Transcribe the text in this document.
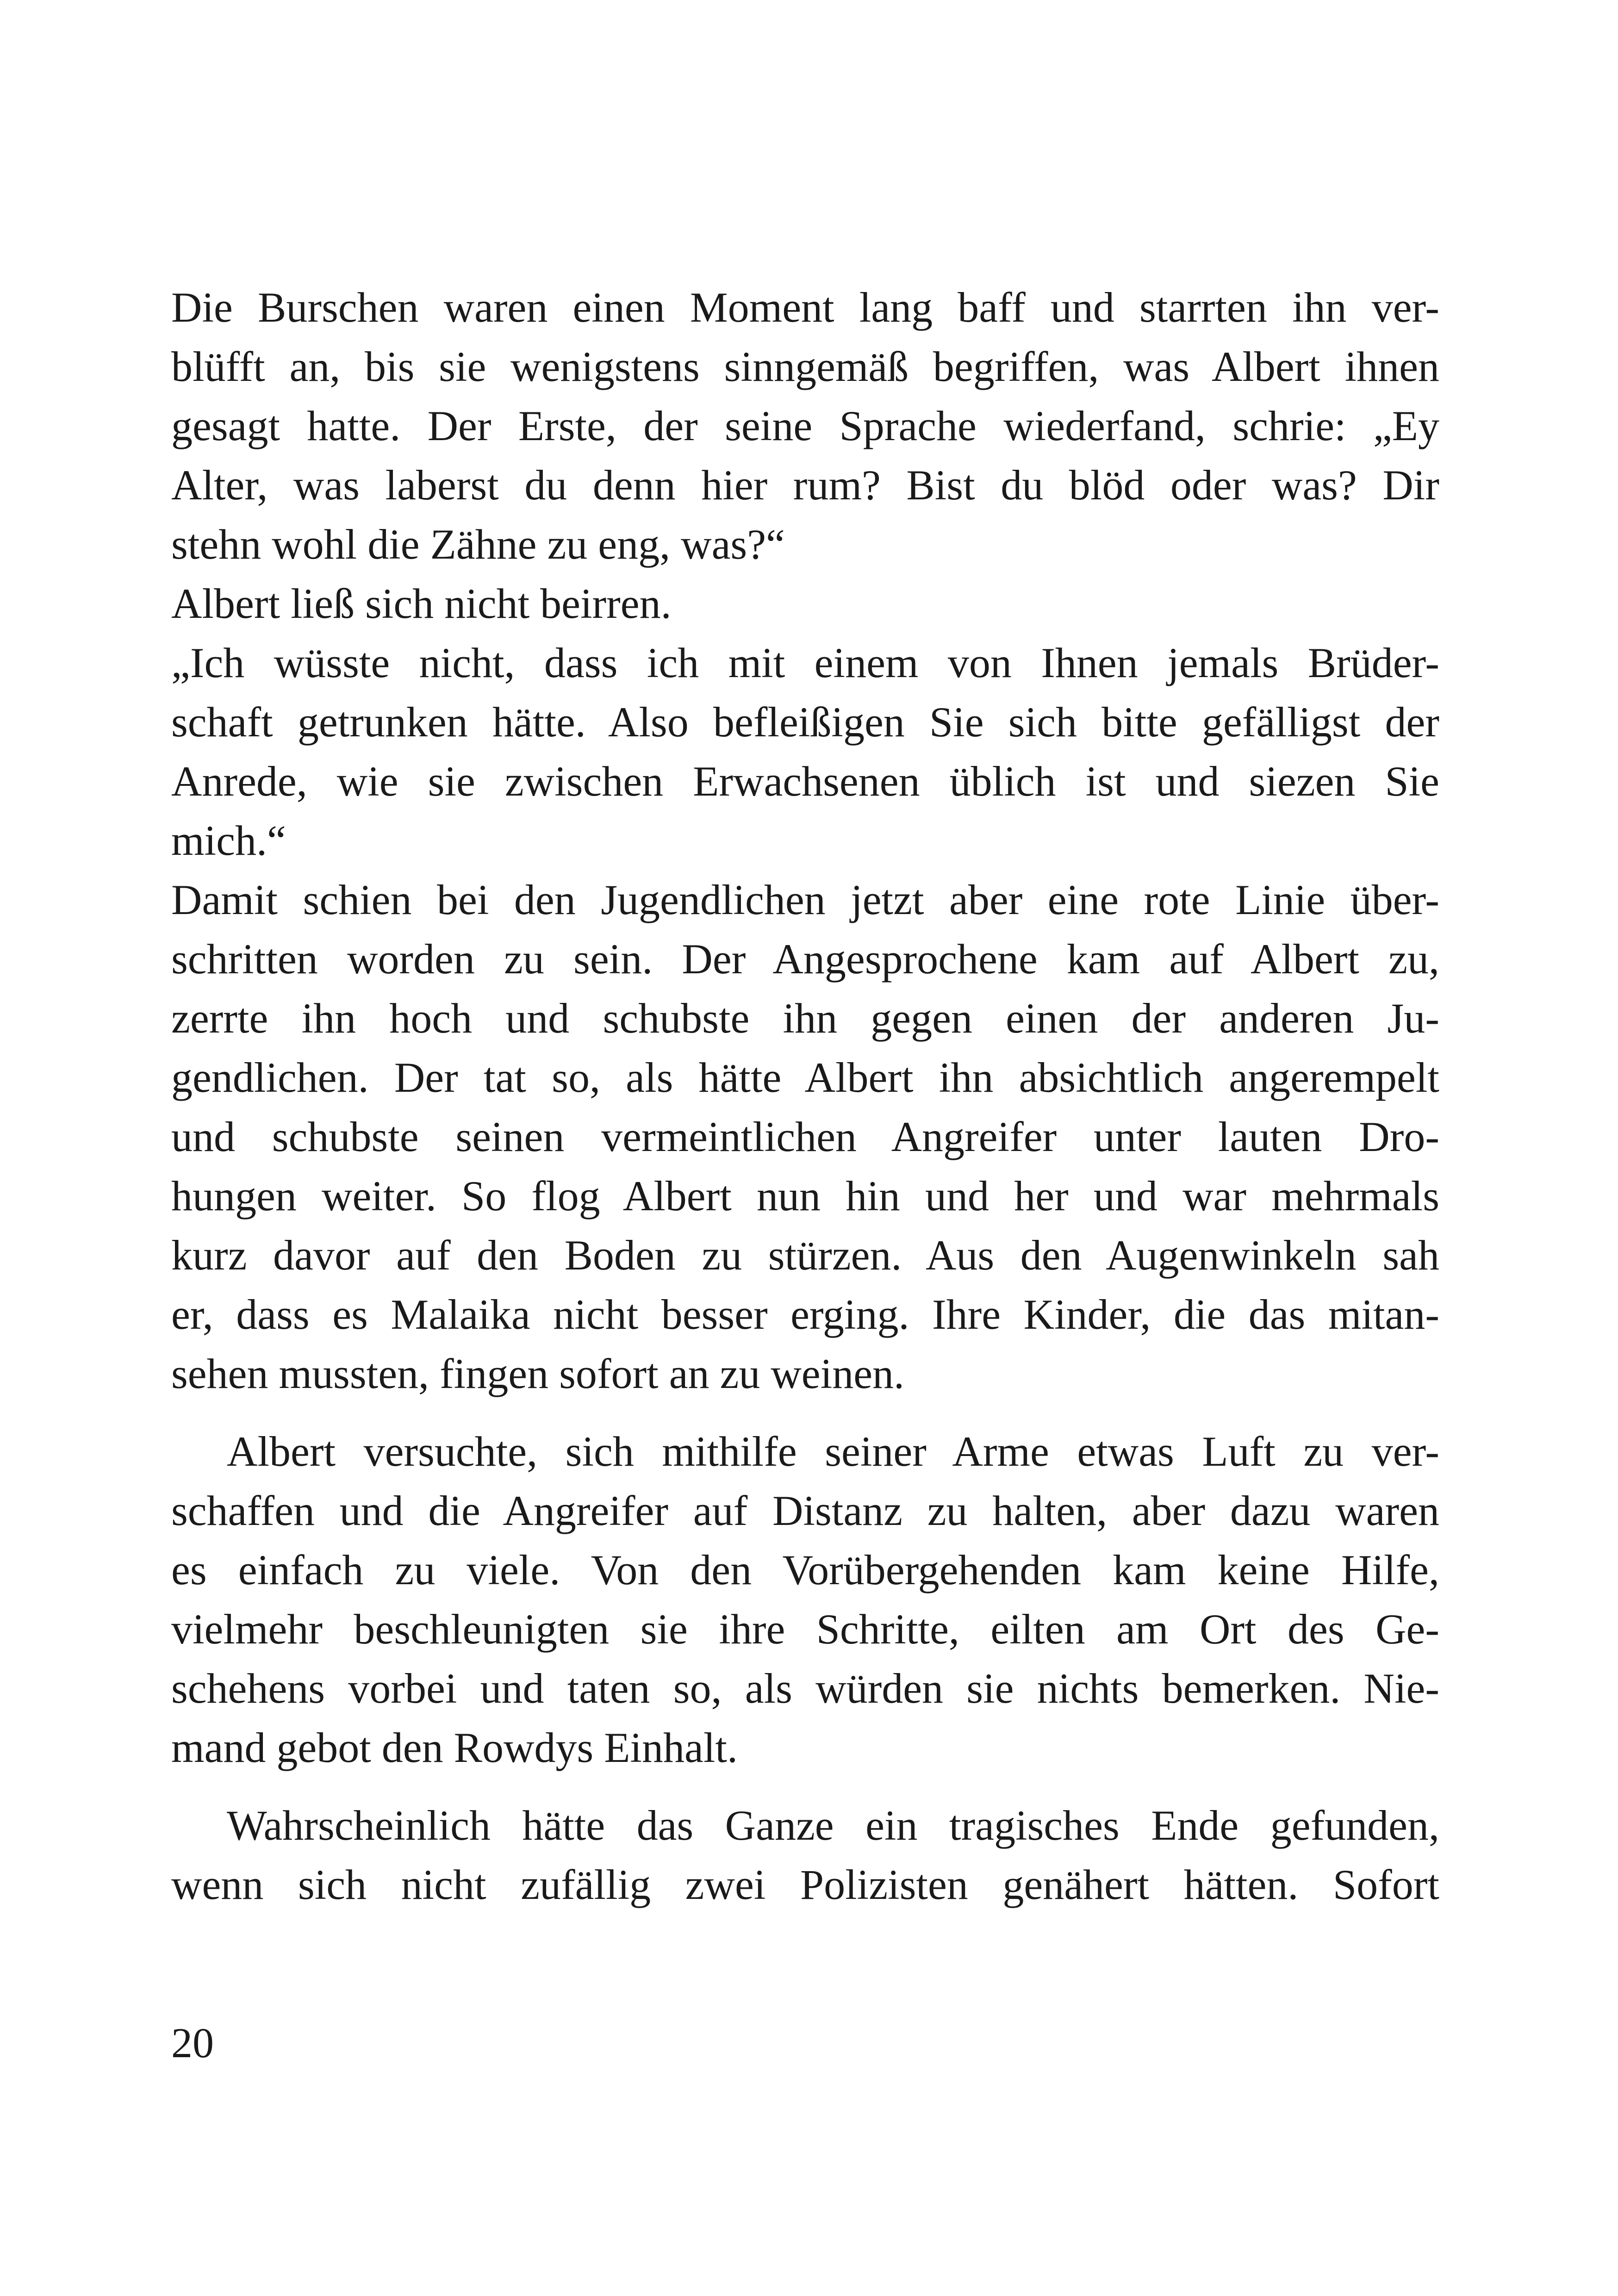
Die Burschen waren einen Moment lang baff und starrten ihn ver-
blüfft an, bis sie wenigstens sinngemäß begriffen, was Albert ihnen
gesagt hatte. Der Erste, der seine Sprache wiederfand, schrie: „Ey
Alter, was laberst du denn hier rum? Bist du blöd oder was? Dir
stehn wohl die Zähne zu eng, was?“
Albert ließ sich nicht beirren.
„Ich wüsste nicht, dass ich mit einem von Ihnen jemals Brüder-
schaft getrunken hätte. Also befleißigen Sie sich bitte gefälligst der
Anrede, wie sie zwischen Erwachsenen üblich ist und siezen Sie
mich.“
Damit schien bei den Jugendlichen jetzt aber eine rote Linie über-
schritten worden zu sein. Der Angesprochene kam auf Albert zu,
zerrte ihn hoch und schubste ihn gegen einen der anderen Ju-
gendlichen. Der tat so, als hätte Albert ihn absichtlich angerempelt
und schubste seinen vermeintlichen Angreifer unter lauten Dro-
hungen weiter. So flog Albert nun hin und her und war mehrmals
kurz davor auf den Boden zu stürzen. Aus den Augenwinkeln sah
er, dass es Malaika nicht besser erging. Ihre Kinder, die das mitan-
sehen mussten, fingen sofort an zu weinen.
Albert versuchte, sich mithilfe seiner Arme etwas Luft zu ver-
schaffen und die Angreifer auf Distanz zu halten, aber dazu waren
es einfach zu viele. Von den Vorübergehenden kam keine Hilfe,
vielmehr beschleunigten sie ihre Schritte, eilten am Ort des Ge-
schehens vorbei und taten so, als würden sie nichts bemerken. Nie-
mand gebot den Rowdys Einhalt.
Wahrscheinlich hätte das Ganze ein tragisches Ende gefunden,
wenn sich nicht zufällig zwei Polizisten genähert hätten. Sofort
20
